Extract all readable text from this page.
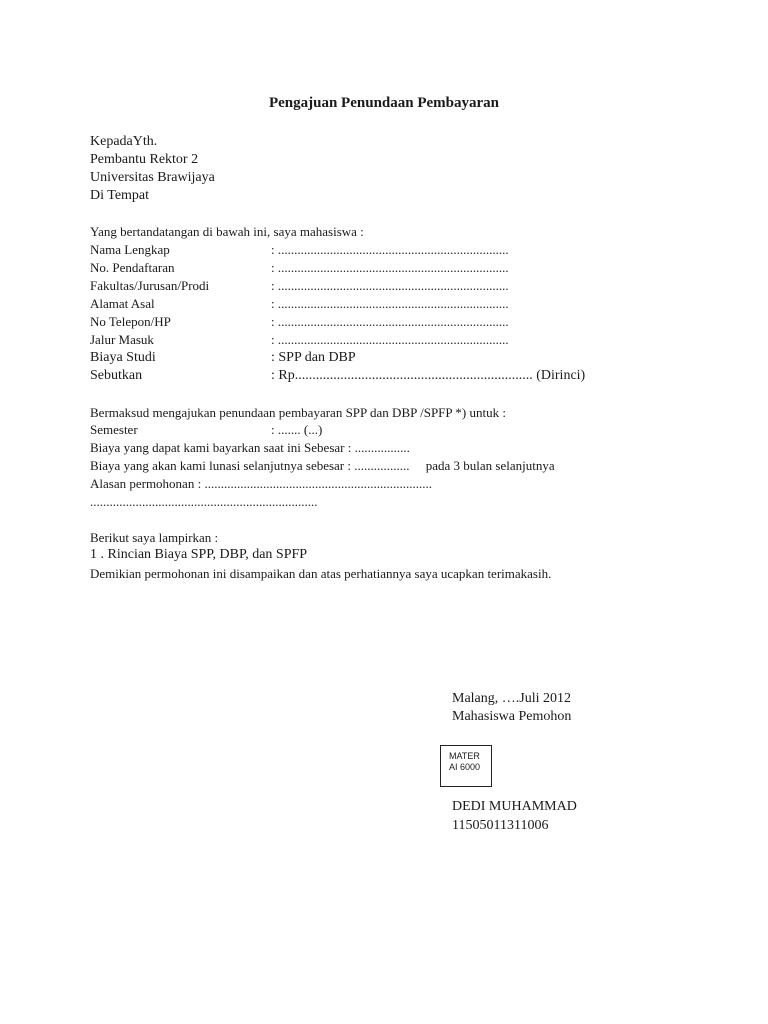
Pengajuan Penundaan Pembayaran
KepadaYth.
Pembantu Rektor 2
Universitas Brawijaya
Di Tempat
Yang bertandatangan di bawah ini, saya mahasiswa :
Nama Lengkap	: .......................................................................
No. Pendaftaran	: .......................................................................
Fakultas/Jurusan/Prodi	: .......................................................................
Alamat Asal	: .......................................................................
No Telepon/HP	: .......................................................................
Jalur Masuk	: .......................................................................
Biaya Studi	: SPP dan DBP
Sebutkan	: Rp.................................................................... (Dirinci)
Bermaksud mengajukan penundaan pembayaran SPP dan DBP /SPFP *) untuk :
Semester	: ....... (...)
Biaya yang dapat kami bayarkan saat ini Sebesar : .................
Biaya yang akan kami lunasi selanjutnya sebesar : .................     pada 3 bulan selanjutnya
Alasan permohonan : ......................................................................
......................................................................
Berikut saya lampirkan :
1 . Rincian Biaya SPP, DBP, dan SPFP
Demikian permohonan ini disampaikan dan atas perhatiannya saya ucapkan terimakasih.
Malang, ….Juli 2012
Mahasiswa Pemohon
MATER
AI 6000
DEDI MUHAMMAD
11505011311006
